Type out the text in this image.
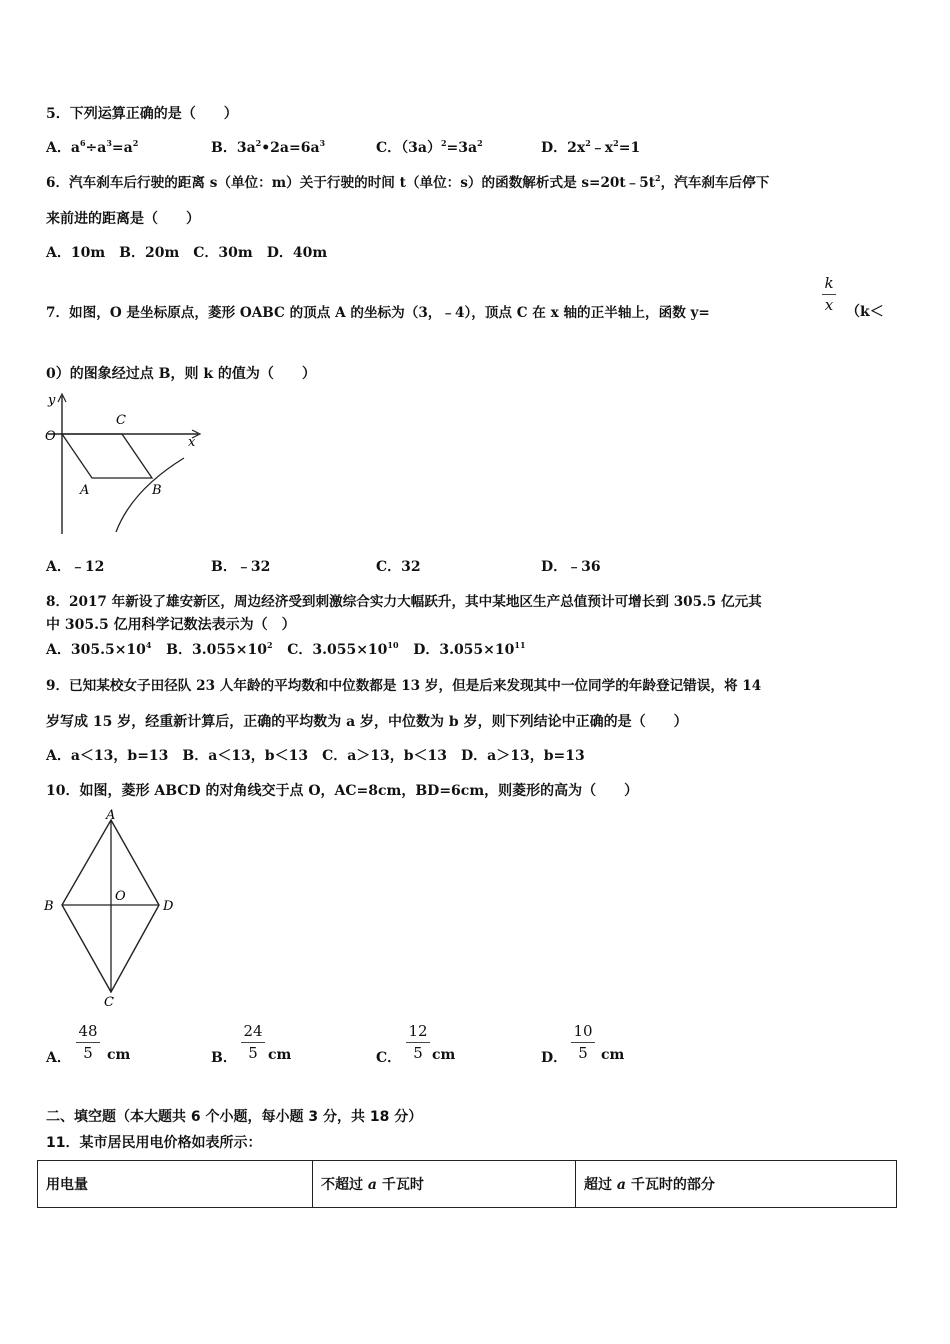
5．下列运算正确的是（　　）
A．$a^6\div a^3=a^2$	B．$3a^2•2a=6a^3$	C．$(3a)^2=3a^2$	D．$2x^2﹣x^2=1$
6．汽车刹车后行驶的距离 s（单位：m）关于行驶的时间 t（单位：s）的函数解析式是 $s=20t﹣5t^2$，汽车刹车后停下
来前进的距离是（　　）
A．10m　B．20m　C．30m　D．40m
7．如图，O 是坐标原点，菱形 OABC 的顶点 A 的坐标为（3，﹣4），顶点 C 在 x 轴的正半轴上，函数 y=
k
x （k＜
0）的图象经过点 B，则 k 的值为（　　）
y
O
C
x
A	B
A．﹣12	B．﹣32	C．32	D．﹣36
8．2017 年新设了雄安新区，周边经济受到刺激综合实力大幅跃升，其中某地区生产总值预计可增长到 305.5 亿元其
中 305.5 亿用科学记数法表示为（　）
A．$305.5\times 10^4$ B．$3.055\times 10^2$ C．$3.055\times 10^{10}$ D．$3.055\times 10^{11}$
9．已知某校女子田径队 23 人年龄的平均数和中位数都是 13 岁，但是后来发现其中一位同学的年龄登记错误，将 14
岁写成 15 岁，经重新计算后，正确的平均数为 a 岁，中位数为 b 岁，则下列结论中正确的是（　　）
A．a＜13，b=13　B．a＜13，b＜13　C．a＞13，b＜13　D．a＞13，b=13
10．如图，菱形 ABCD 的对角线交于点 O，AC=8cm，BD=6cm，则菱形的高为（　　）
A
B
O
D
C
A．
48
5	cm	B．
24
5 cm	C．
12
5 cm	D．
10
5 cm
二、填空题（本大题共 6 个小题，每小题 3 分，共 18 分）
11．某市居民用电价格如表所示：
用电量	不超过 a 千瓦时	超过 a 千瓦时的部分
